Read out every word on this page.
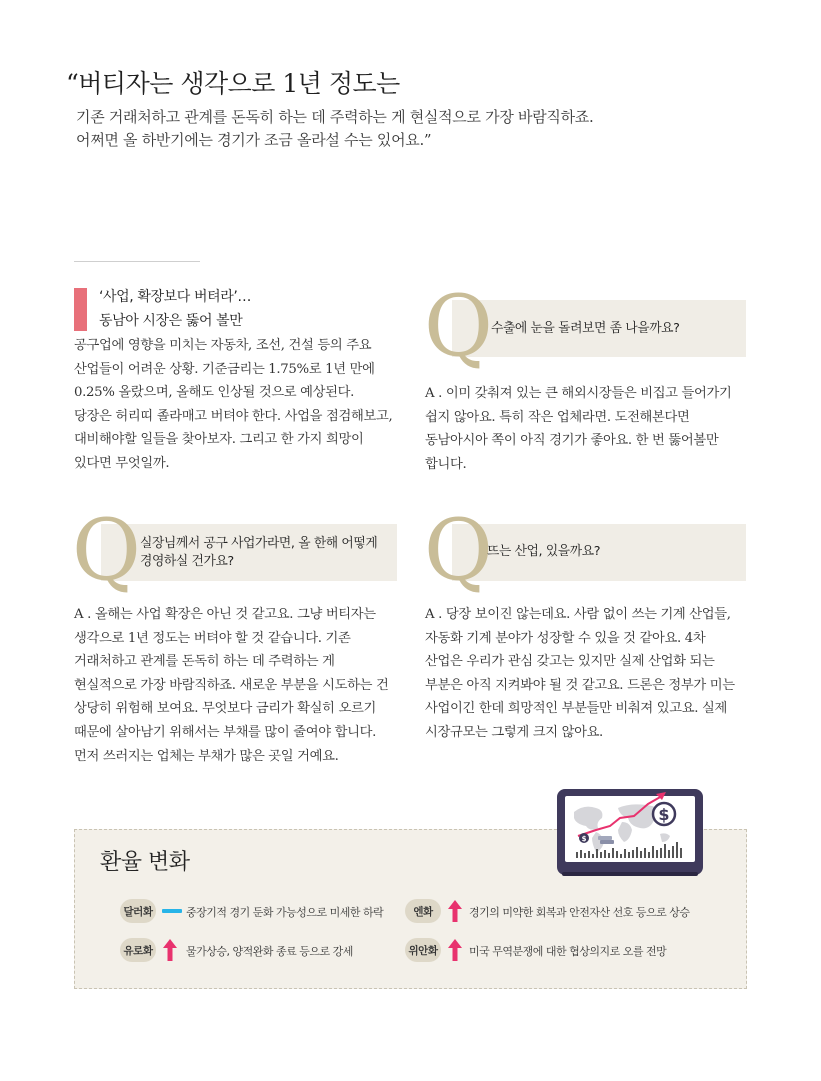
“버티자는 생각으로 1년 정도는
기존 거래처하고 관계를 돈독히 하는 데 주력하는 게 현실적으로 가장 바람직하죠.
어쩌면 올 하반기에는 경기가 조금 올라설 수는 있어요.”
‘사업, 확장보다 버텨라’…
동남아 시장은 뚫어 볼만
공구업에 영향을 미치는 자동차, 조선, 건설 등의 주요
산업들이 어려운 상황. 기준금리는 1.75%로 1년 만에
0.25% 올랐으며, 올해도 인상될 것으로 예상된다.
당장은 허리띠 졸라매고 버텨야 한다. 사업을 점검해보고,
대비해야할 일들을 찾아보자. 그리고 한 가지 희망이
있다면 무엇일까.
Q
수출에 눈을 돌려보면 좀 나을까요?
A . 이미 갖춰져 있는 큰 해외시장들은 비집고 들어가기
쉽지 않아요. 특히 작은 업체라면. 도전해본다면
동남아시아 쪽이 아직 경기가 좋아요. 한 번 뚫어볼만
합니다.
Q 실장님께서 공구 사업가라면, 올 한해 어떻게
경영하실 건가요?
A . 올해는 사업 확장은 아닌 것 같고요. 그냥 버티자는
생각으로 1년 정도는 버텨야 할 것 같습니다. 기존
거래처하고 관계를 돈독히 하는 데 주력하는 게
현실적으로 가장 바람직하죠. 새로운 부분을 시도하는 건
상당히 위험해 보여요. 무엇보다 금리가 확실히 오르기
때문에 살아남기 위해서는 부채를 많이 줄여야 합니다.
먼저 쓰러지는 업체는 부채가 많은 곳일 거예요.
Q
뜨는 산업, 있을까요?
A . 당장 보이진 않는데요. 사람 없이 쓰는 기계 산업들,
자동화 기계 분야가 성장할 수 있을 것 같아요. 4차
산업은 우리가 관심 갖고는 있지만 실제 산업화 되는
부분은 아직 지켜봐야 될 것 같고요. 드론은 정부가 미는
사업이긴 한데 희망적인 부분들만 비춰져 있고요. 실제
시장규모는 그렇게 크지 않아요.
$
$
환율 변화
달러화	중장기적 경기 둔화 가능성으로 미세한 하락	엔화	경기의 미약한 회복과 안전자산 선호 등으로 상승
유로화	물가상승, 양적완화 종료 등으로 강세	위안화	미국 무역분쟁에 대한 협상의지로 오를 전망
